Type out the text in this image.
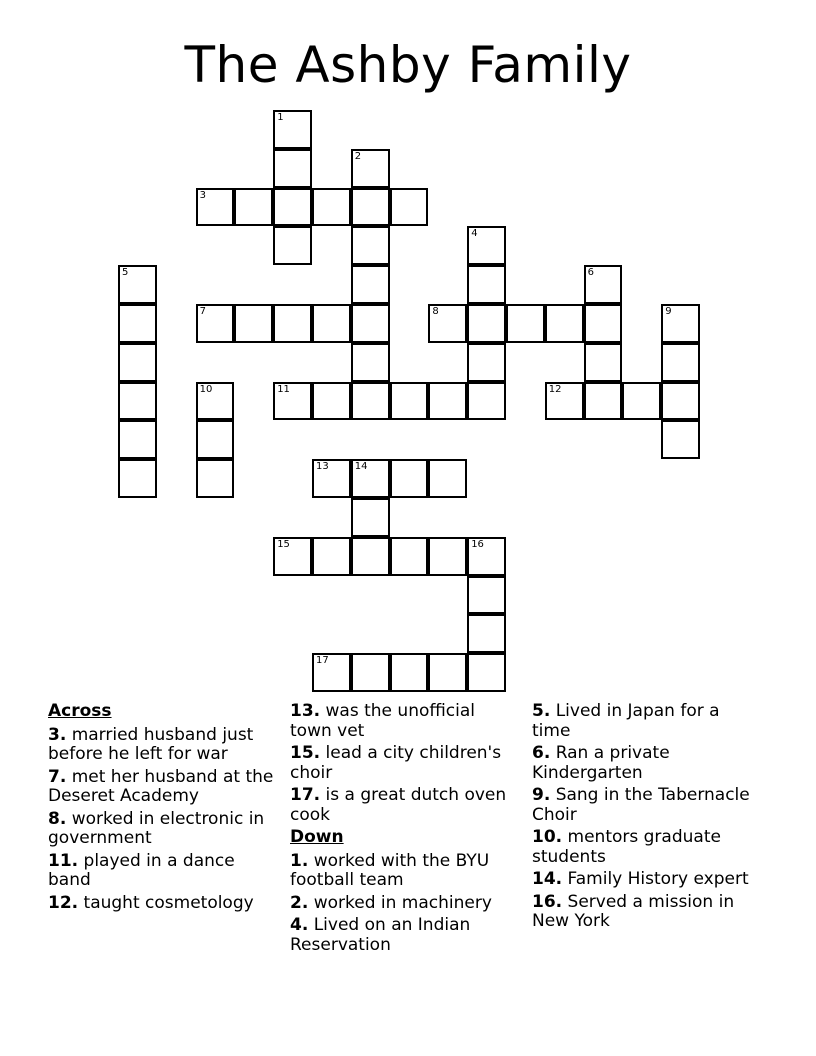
The Ashby Family
1
2
3
4
5	6
7	8	9
10	11	12
13	14
15	16
17
Across
3. married husband just before he left for war
7. met her husband at the Deseret Academy
8. worked in electronic in government
11. played in a dance band
12. taught cosmetology
13. was the unofficial town vet
15. lead a city children's choir
17. is a great dutch oven cook
Down
1. worked with the BYU football team
2. worked in machinery
4. Lived on an Indian Reservation
5. Lived in Japan for a time
6. Ran a private Kindergarten
9. Sang in the Tabernacle Choir
10. mentors graduate students
14. Family History expert
16. Served a mission in New York
